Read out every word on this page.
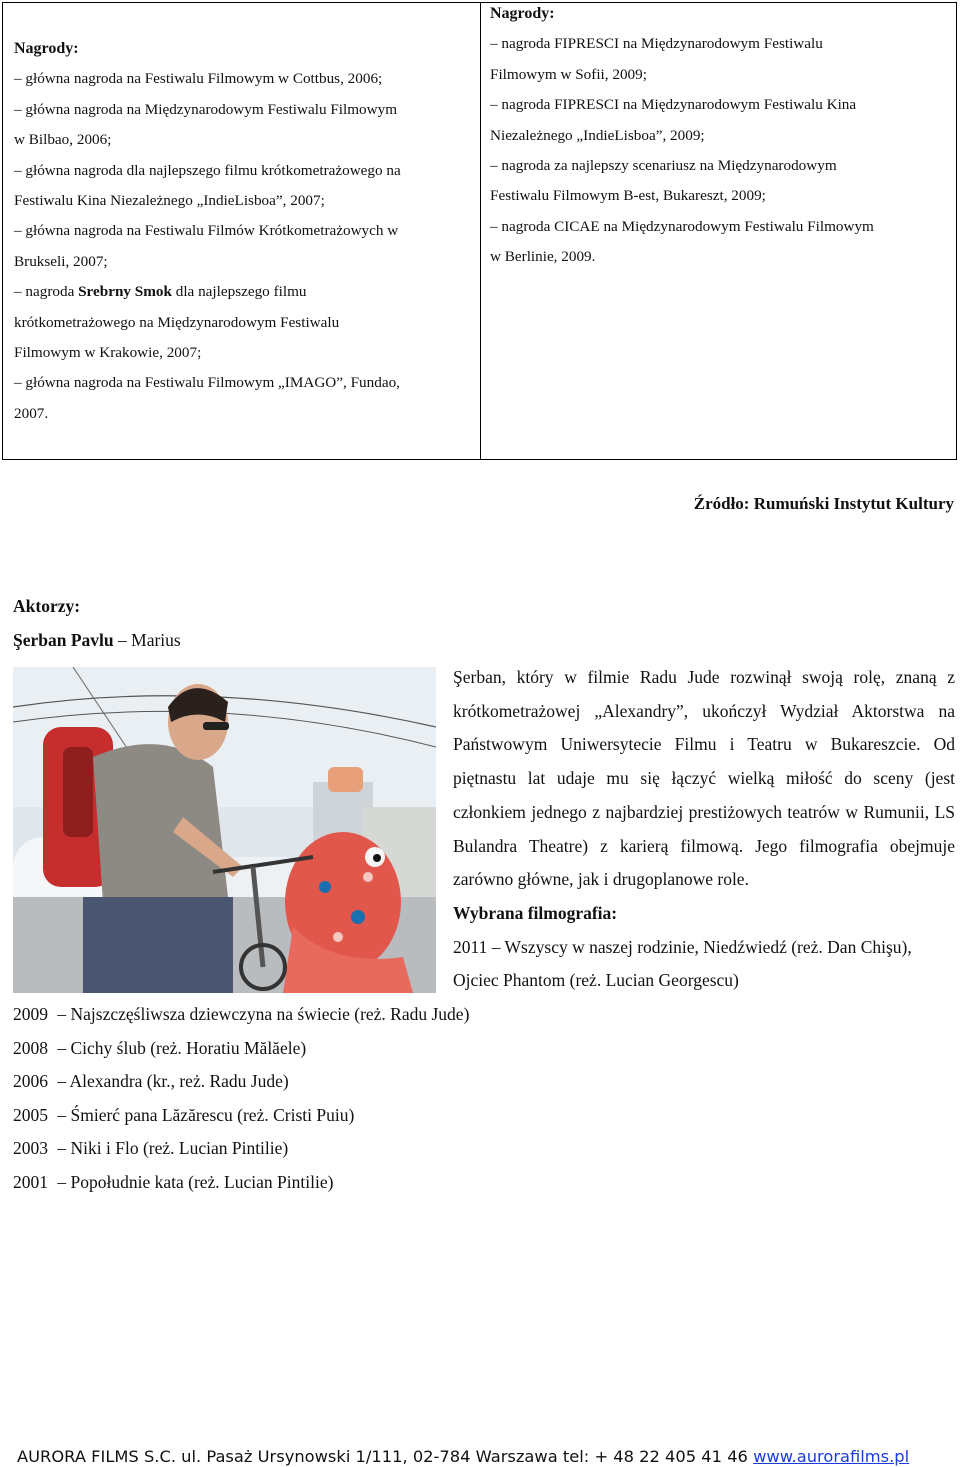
Nagrody:

– główna nagroda na Festiwalu Filmowym w Cottbus, 2006;

– główna nagroda na Międzynarodowym Festiwalu Filmowym

w Bilbao, 2006;

– główna nagroda dla najlepszego filmu krótkometrażowego na

Festiwalu Kina Niezależnego „IndieLisboa”, 2007;

– główna nagroda na Festiwalu Filmów Krótkometrażowych w

Brukseli, 2007;

– nagroda Srebrny Smok dla najlepszego filmu

krótkometrażowego na Międzynarodowym Festiwalu

Filmowym w Krakowie, 2007;

– główna nagroda na Festiwalu Filmowym „IMAGO”, Fundao,

2007.

Nagrody:

– nagroda FIPRESCI na Międzynarodowym Festiwalu

Filmowym w Sofii, 2009;

– nagroda FIPRESCI na Międzynarodowym Festiwalu Kina

Niezależnego „IndieLisboa”, 2009;

– nagroda za najlepszy scenariusz na Międzynarodowym

Festiwalu Filmowym B-est, Bukareszt, 2009;

– nagroda CICAE na Międzynarodowym Festiwalu Filmowym

w Berlinie, 2009.

Źródło: Rumuński Instytut Kultury

Aktorzy:

Şerban Pavlu – Marius

Şerban, który w filmie Radu Jude rozwinął swoją rolę, znaną z krótkometrażowej „Alexandry”, ukończył Wydział Aktorstwa na Państwowym Uniwersytecie Filmu i Teatru w Bukareszcie. Od piętnastu lat udaje mu się łączyć wielką miłość do sceny (jest członkiem jednego z najbardziej prestiżowych teatrów w Rumunii, LS Bulandra Theatre) z karierą filmową. Jego filmografia obejmuje zarówno główne, jak i drugoplanowe role.

Wybrana filmografia:

2011 – Wszyscy w naszej rodzinie, Niedźwiedź (reż. Dan Chişu), Ojciec Phantom (reż. Lucian Georgescu)

2009 – Najszczęśliwsza dziewczyna na świecie (reż. Radu Jude)
2008 – Cichy ślub (reż. Horatiu Mălăele)
2006 – Alexandra (kr., reż. Radu Jude)
2005 – Śmierć pana Lăzărescu (reż. Cristi Puiu)
2003 – Niki i Flo (reż. Lucian Pintilie)
2001 – Popołudnie kata (reż. Lucian Pintilie)

AURORA FILMS S.C. ul. Pasaż Ursynowski 1/111, 02-784 Warszawa tel: + 48 22 405 41 46 www.aurorafilms.pl
